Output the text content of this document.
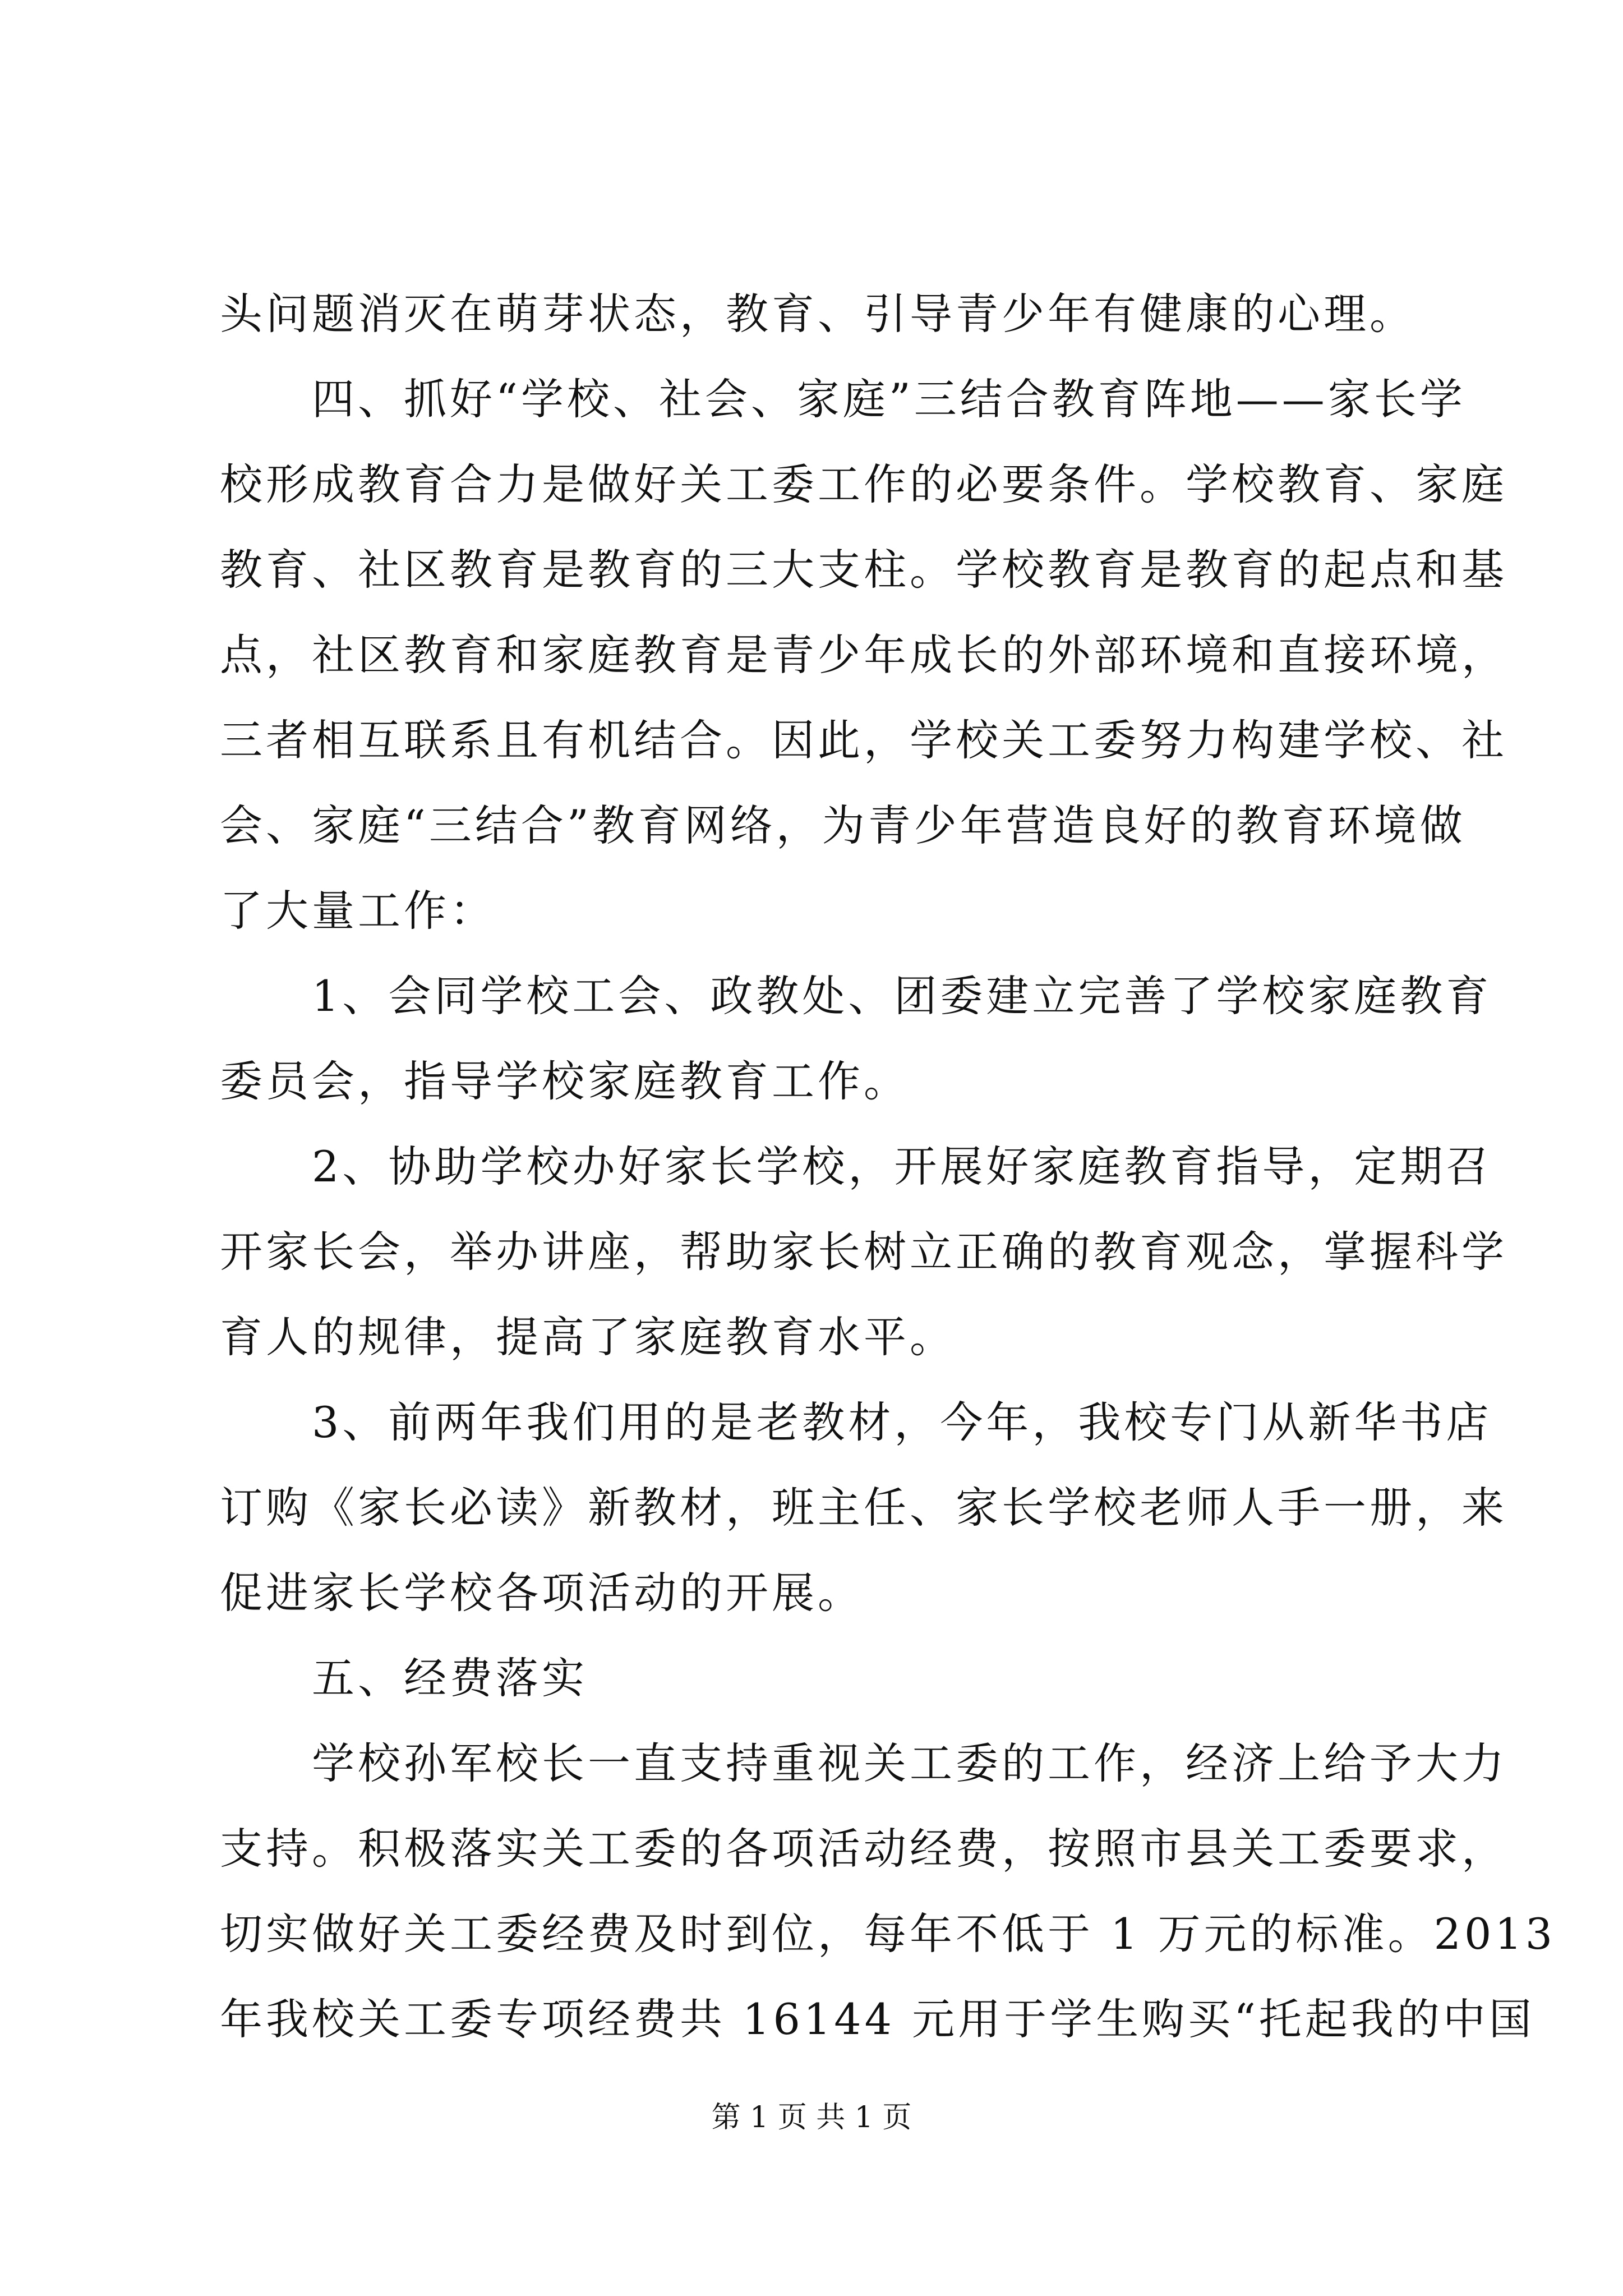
头问题消灭在萌芽状态，教育、引导青少年有健康的心理。
　　四、抓好“学校、社会、家庭”三结合教育阵地——家长学
校形成教育合力是做好关工委工作的必要条件。学校教育、家庭
教育、社区教育是教育的三大支柱。学校教育是教育的起点和基
点，社区教育和家庭教育是青少年成长的外部环境和直接环境，
三者相互联系且有机结合。因此，学校关工委努力构建学校、社
会、家庭“三结合”教育网络，为青少年营造良好的教育环境做
了大量工作：
　　1、会同学校工会、政教处、团委建立完善了学校家庭教育
委员会，指导学校家庭教育工作。
　　2、协助学校办好家长学校，开展好家庭教育指导，定期召
开家长会，举办讲座，帮助家长树立正确的教育观念，掌握科学
育人的规律，提高了家庭教育水平。
　　3、前两年我们用的是老教材，今年，我校专门从新华书店
订购《家长必读》新教材，班主任、家长学校老师人手一册，来
促进家长学校各项活动的开展。
　　五、经费落实
　　学校孙军校长一直支持重视关工委的工作，经济上给予大力
支持。积极落实关工委的各项活动经费，按照市县关工委要求，
切实做好关工委经费及时到位，每年不低于 1 万元的标准。2013
年我校关工委专项经费共 16144 元用于学生购买“托起我的中国
第 1 页 共 1 页
